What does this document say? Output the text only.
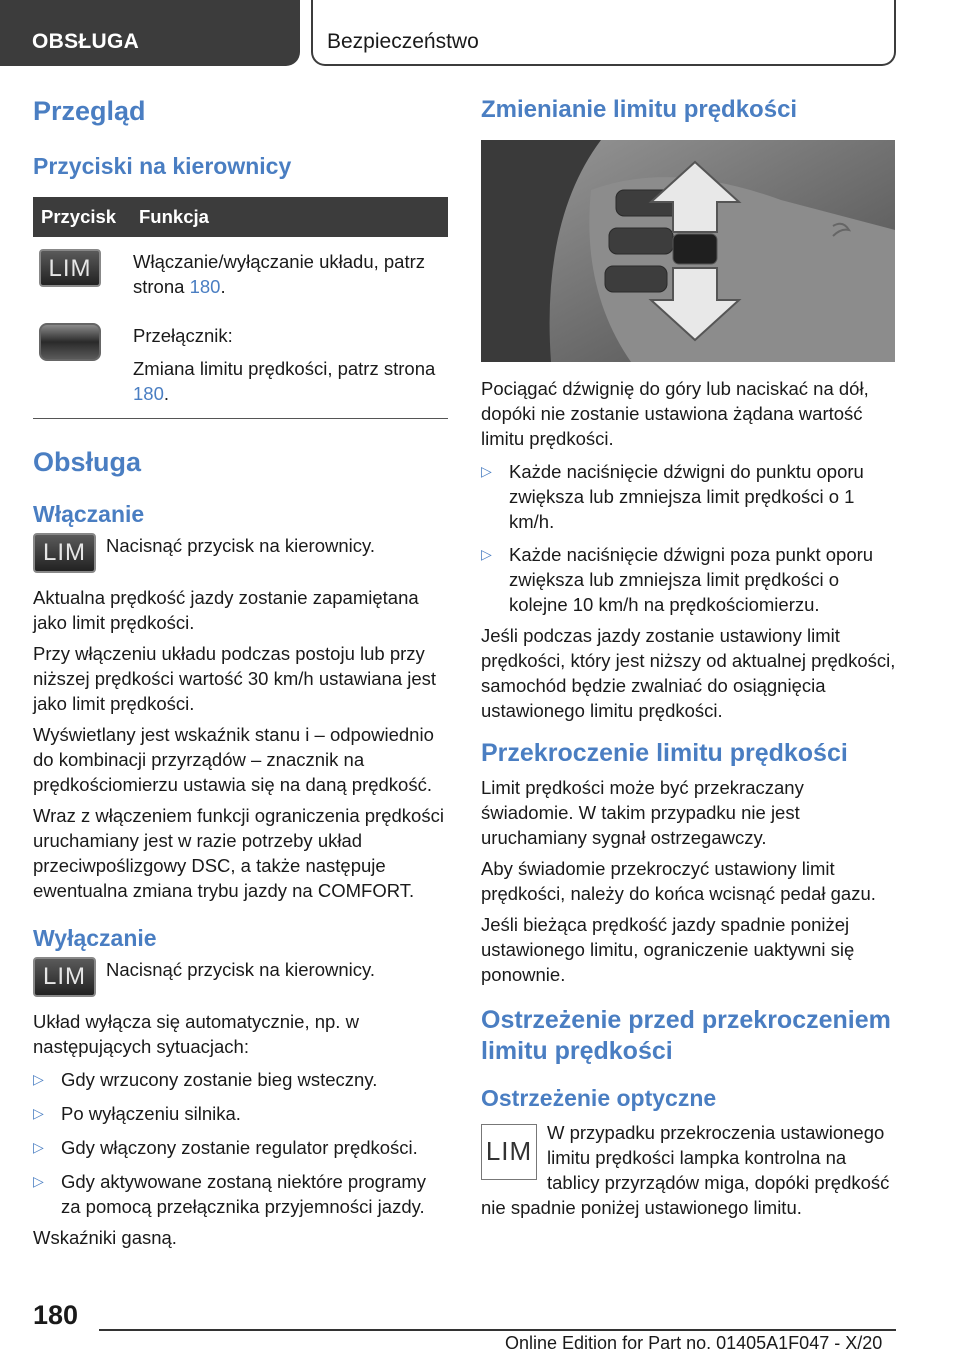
OBSŁUGA	Bezpieczeństwo
Przegląd
Przyciski na kierownicy
Przycisk	Funkcja

LIM	Włączanie/wyłączanie układu, patrz strona 180.

	Przełącznik:
Zmiana limitu prędkości, patrz strona 180.
Obsługa
Włączanie
LIM Nacisnąć przycisk na kierownicy.

Aktualna prędkość jazdy zostanie zapamiętana jako limit prędkości.

Przy włączeniu układu podczas postoju lub przy niższej prędkości wartość 30 km/h ustawiana jest jako limit prędkości.

Wyświetlany jest wskaźnik stanu i – odpowiednio do kombinacji przyrządów – znacznik na prędkościomierzu ustawia się na daną prędkość.

Wraz z włączeniem funkcji ograniczenia prędkości uruchamiany jest w razie potrzeby układ przeciwpoślizgowy DSC, a także następuje ewentualna zmiana trybu jazdy na COMFORT.

Wyłączanie
LIM Nacisnąć przycisk na kierownicy.

Układ wyłącza się automatycznie, np. w następujących sytuacjach:

▷ Gdy wrzucony zostanie bieg wsteczny.
▷ Po wyłączeniu silnika.
▷ Gdy włączony zostanie regulator prędkości.
▷ Gdy aktywowane zostaną niektóre programy za pomocą przełącznika przyjemności jazdy.

Wskaźniki gasną.

Zmienianie limitu prędkości

Pociągać dźwignię do góry lub naciskać na dół, dopóki nie zostanie ustawiona żądana wartość limitu prędkości.

▷ Każde naciśnięcie dźwigni do punktu oporu zwiększa lub zmniejsza limit prędkości o 1 km/h.
▷ Każde naciśnięcie dźwigni poza punkt oporu zwiększa lub zmniejsza limit prędkości o kolejne 10 km/h na prędkościomierzu.

Jeśli podczas jazdy zostanie ustawiony limit prędkości, który jest niższy od aktualnej prędkości, samochód będzie zwalniać do osiągnięcia ustawionego limitu prędkości.

Przekroczenie limitu prędkości

Limit prędkości może być przekraczany świadomie. W takim przypadku nie jest uruchamiany sygnał ostrzegawczy.

Aby świadomie przekroczyć ustawiony limit prędkości, należy do końca wcisnąć pedał gazu.

Jeśli bieżąca prędkość jazdy spadnie poniżej ustawionego limitu, ograniczenie uaktywni się ponownie.

Ostrzeżenie przed przekroczeniem limitu prędkości
Ostrzeżenie optyczne
LIM

W przypadku przekroczenia ustawionego limitu prędkości lampka kontrolna na tablicy przyrządów miga, dopóki prędkość nie spadnie poniżej ustawionego limitu.

180
Online Edition for Part no. 01405A1F047 - X/20
